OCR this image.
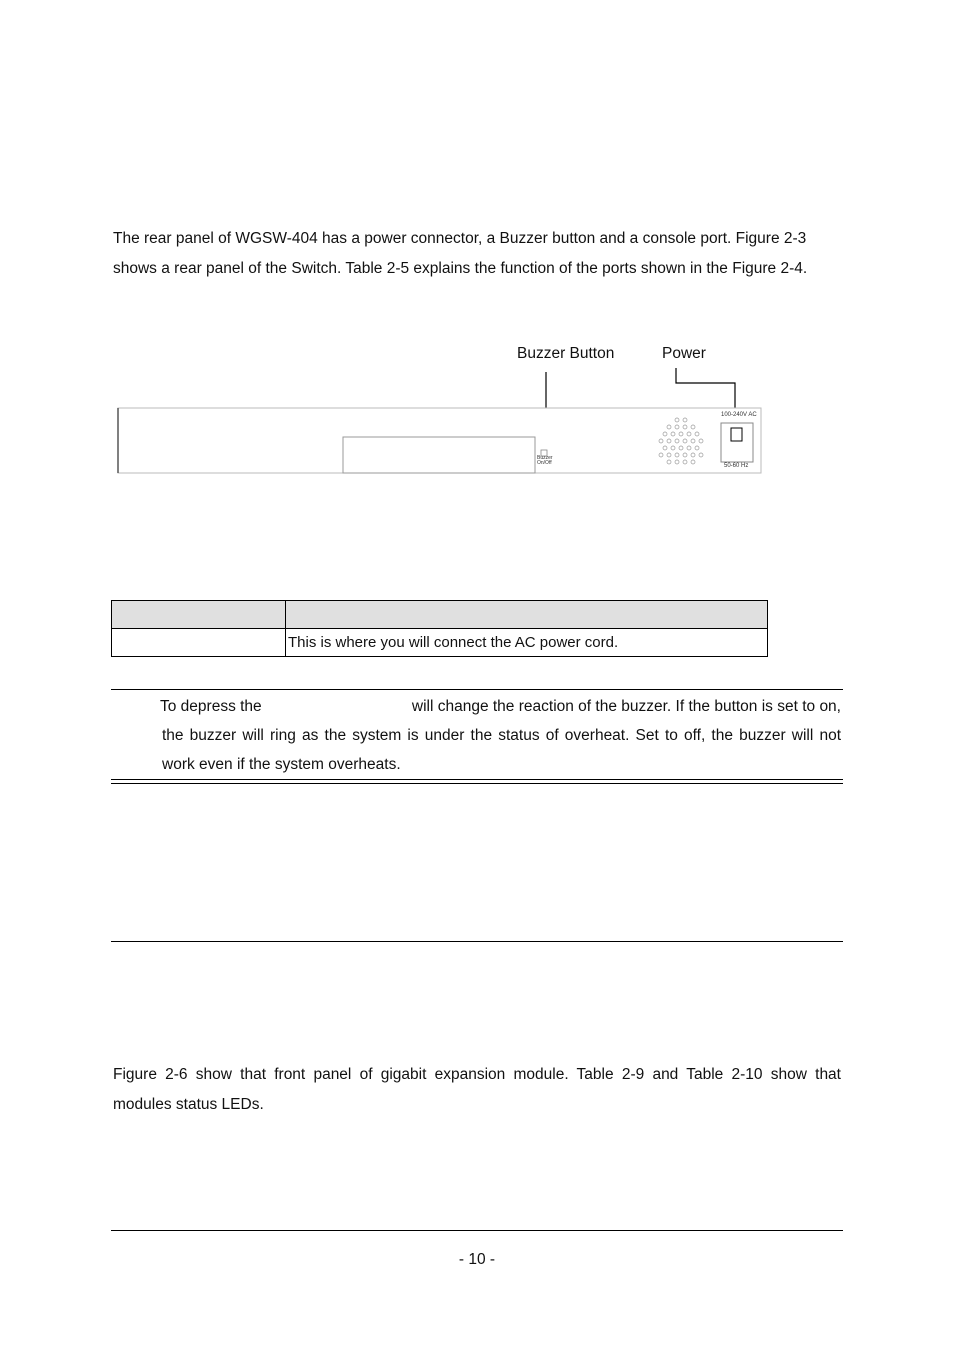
The rear panel of WGSW-404 has a power connector, a Buzzer button and a console port. Figure 2-3
shows a rear panel of the Switch. Table 2-5 explains the function of the ports shown in the Figure 2-4.
Buzzer Button	Power
Buzzer
On/Off
100-240V AC
50-60 Hz

	This is where you will connect the AC power cord.
To depress the	will change the reaction of the buzzer. If the button is set to on,
the buzzer will ring as the system is under the status of overheat. Set to off, the buzzer will not
work even if the system overheats.
Figure 2-6 show that front panel of gigabit expansion module. Table 2-9 and Table 2-10 show that
modules status LEDs.
- 10 -
